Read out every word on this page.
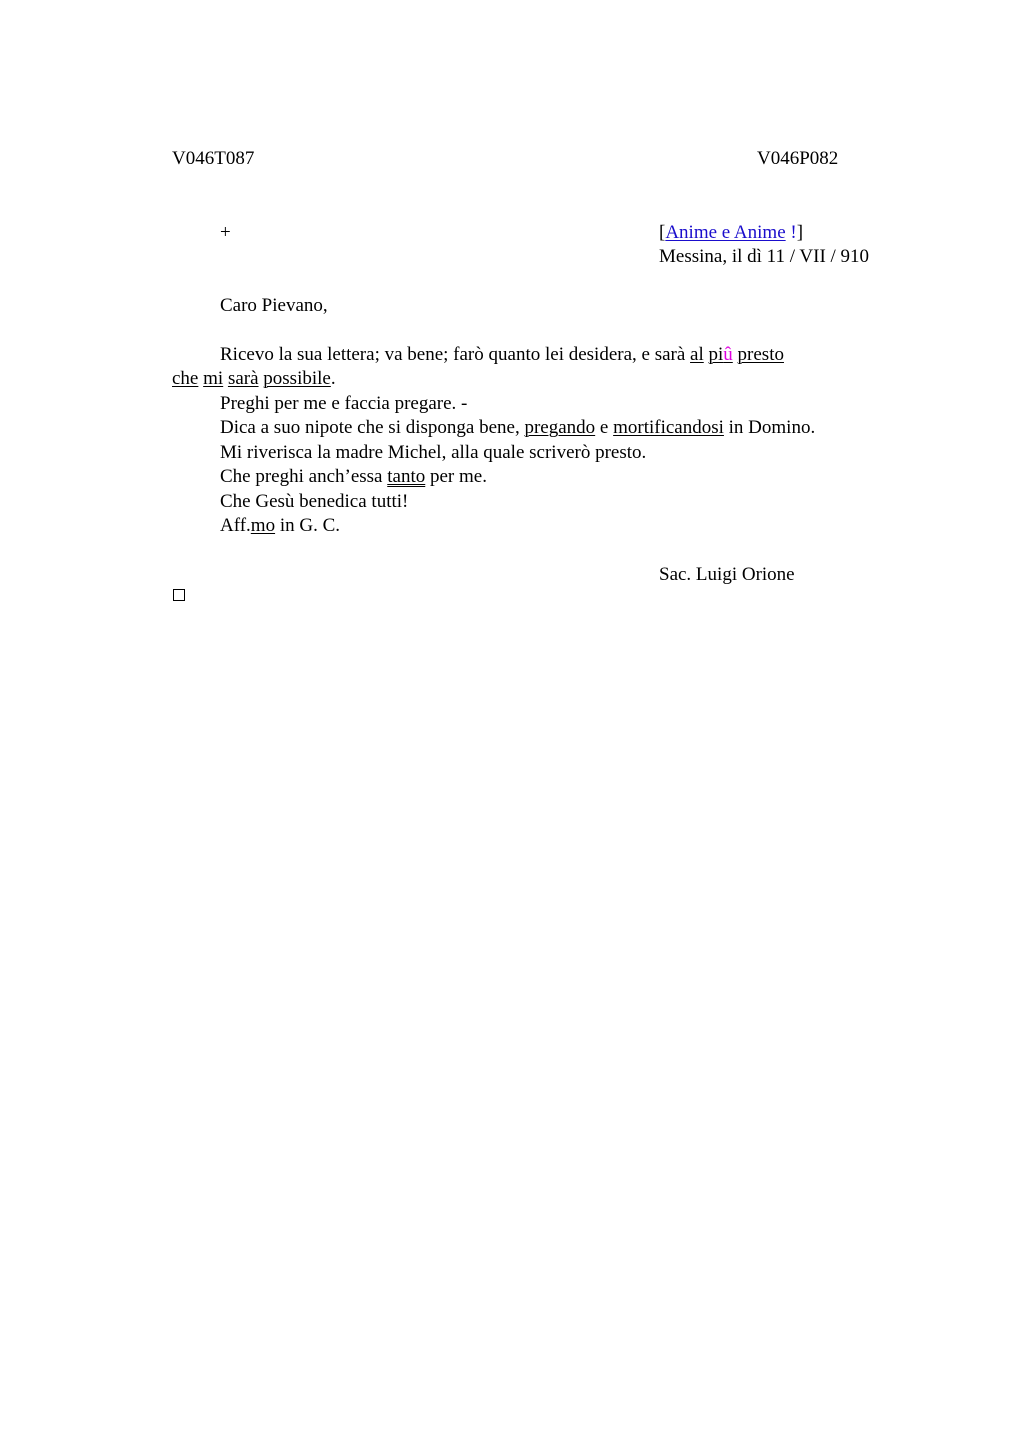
V046T087	V046P082
+	[Anime e Anime !]
Messina, il dì 11 / VII / 910
Caro Pievano,
Ricevo la sua lettera; va bene; farò quanto lei desidera, e sarà al piû presto
che mi sarà possibile.
Preghi per me e faccia pregare. -
Dica a suo nipote che si disponga bene, pregando e mortificandosi in Domino.
Mi riverisca la madre Michel, alla quale scriverò presto.
Che preghi anch’essa tanto per me.
Che Gesù benedica tutti!
Aff.mo in G. C.
Sac. Luigi Orione
